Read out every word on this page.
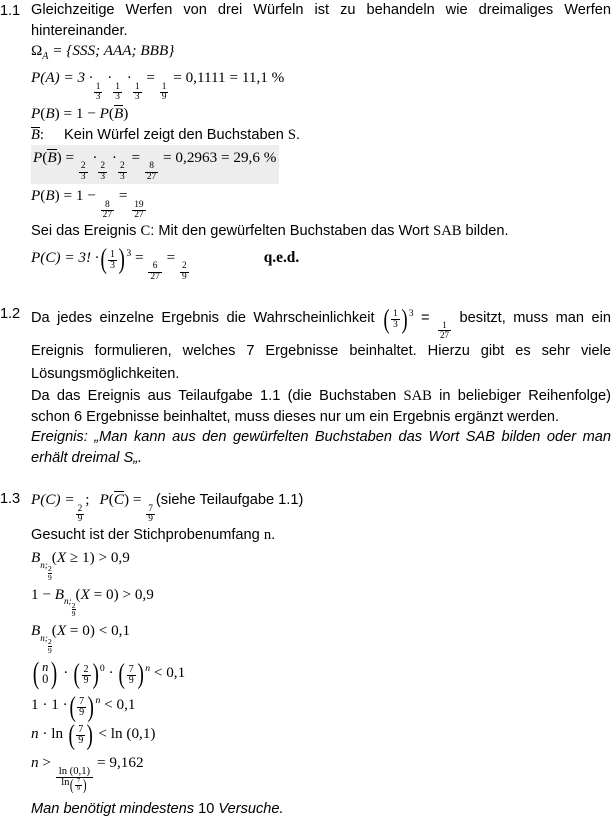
1.1 Gleichzeitige Werfen von drei Würfeln ist zu behandeln wie dreimaliges Werfen hintereinander.
$\Omega_A = \{SSS$; AAA; BBB}
P(A) = 3 ·
$\frac{1}{3}$
·
$\frac{1}{3}$
·
$\frac{1}{3}$
=
$\frac{1}{9}$
= 0,1111 = 11,1 %
P(B) = 1 − P(B)
B: Kein Würfel zeigt den Buchstaben S.
P(B) =
$\frac{2}{3}$
·
$\frac{2}{3}$
·
$\frac{2}{3}$
=
$\frac{8}{27}$
= 0,2963 = 29,6 %
P(B) = 1 −
$\frac{8}{27}$
=
$\frac{19}{27}$
Sei das Ereignis C: Mit den gewürfelten Buchstaben das Wort SAB bilden.
P(C) = 3! · ( $\frac{1}{3}$ ) $^3$ =
$\frac{6}{27}$
=
$\frac{2}{9}$
q.e.d.
1.2 Da jedes einzelne Ergebnis die Wahrscheinlichkeit ( $\frac{1}{3}$ ) $^3$ =
$\frac{1}{27}$
besitzt, muss man ein Ereignis formulieren, welches 7 Ergebnisse beinhaltet. Hierzu gibt es sehr viele Lösungsmöglichkeiten.
Da das Ereignis aus Teilaufgabe 1.1 (die Buchstaben SAB in beliebiger Reihenfolge) schon 6 Ergebnisse beinhaltet, muss dieses nur um ein Ergebnis ergänzt werden.
Ereignis: „Man kann aus den gewürfelten Buchstaben das Wort SAB bilden oder man erhält dreimal S„.
1.3 P(C) =
$\frac{2}{9}$
; P(C) =
$\frac{7}{9}$
(siehe Teilaufgabe 1.1)
Gesucht ist der Stichprobenumfang n.
Bn;
$\frac{2}{9}$
(X ≥ 1) > 0,9
1 − Bn;
$\frac{2}{9}$
(X = 0) > 0,9
Bn;
$\frac{2}{9}$
(X = 0) < 0,1
( n
0 ) · ( $\frac{2}{9}$ ) $^0$ · ( $\frac{7}{9}$ ) $^n$ < 0,1
1 · 1 · ( $\frac{7}{9}$ ) $^n$ < 0,1
n · ln ( $\frac{7}{9}$ ) < ln (0,1)
n >
$\frac{\ln (0,1)}{\ln ( \frac{7}{9} )}$
= 9,162
Man benötigt mindestens 10 Versuche.
